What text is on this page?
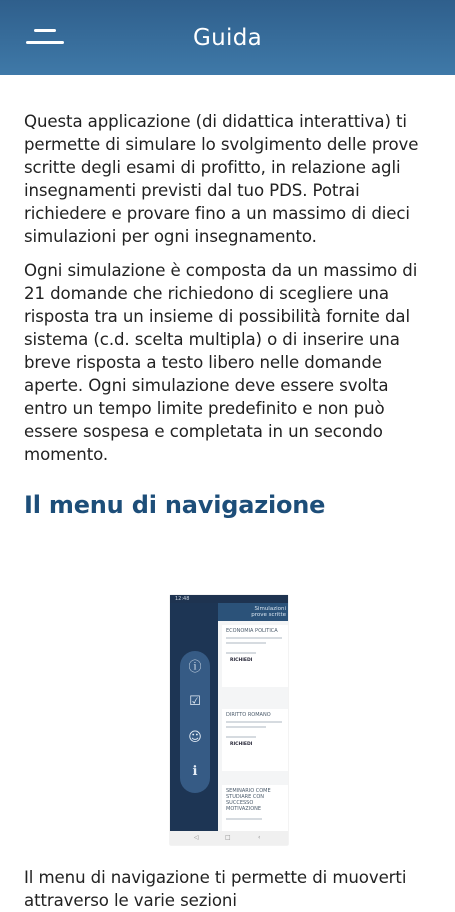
Guida

Questa applicazione (di didattica interattiva) ti permette di simulare lo svolgimento delle prove scritte degli esami di profitto, in relazione agli insegnamenti previsti dal tuo PDS. Potrai richiedere e provare fino a un massimo di dieci simulazioni per ogni insegnamento.

Ogni simulazione è composta da un massimo di 21 domande che richiedono di scegliere una risposta tra un insieme di possibilità fornite dal sistema (c.d. scelta multipla) o di inserire una breve risposta a testo libero nelle domande aperte. Ogni simulazione deve essere svolta entro un tempo limite predefinito e non può essere sospesa e completata in un secondo momento.

Il menu di navigazione
12:48
Simulazioni prove scritte
ECONOMIA POLITICA
RICHIEDI
DIRITTO ROMANO
RICHIEDI
SEMINARIO COME STUDIARE CON SUCCESSO MOTIVAZIONE
ⓘ
☑
☺
ℹ
◁	□	‹

Il menu di navigazione ti permette di muoverti attraverso le varie sezioni
